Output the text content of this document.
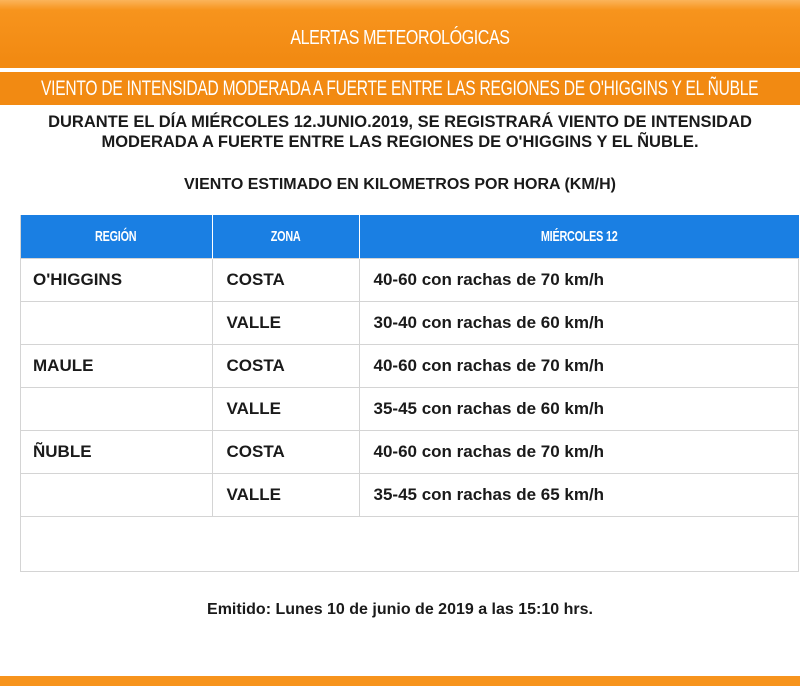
ALERTAS METEOROLÓGICAS
VIENTO DE INTENSIDAD MODERADA A FUERTE ENTRE LAS REGIONES DE O'HIGGINS Y EL ÑUBLE
DURANTE EL DÍA MIÉRCOLES 12.JUNIO.2019, SE REGISTRARÁ VIENTO DE INTENSIDAD
MODERADA A FUERTE ENTRE LAS REGIONES DE O'HIGGINS Y EL ÑUBLE.
VIENTO ESTIMADO EN KILOMETROS POR HORA (KM/H)
REGIÓN	ZONA	MIÉRCOLES 12
O'HIGGINS	COSTA	40-60 con rachas de 70 km/h
	VALLE	30-40 con rachas de 60 km/h
MAULE	COSTA	40-60 con rachas de 70 km/h
	VALLE	35-45 con rachas de 60 km/h
ÑUBLE	COSTA	40-60 con rachas de 70 km/h
	VALLE	35-45 con rachas de 65 km/h
Emitido: Lunes 10 de junio de 2019 a las 15:10 hrs.
